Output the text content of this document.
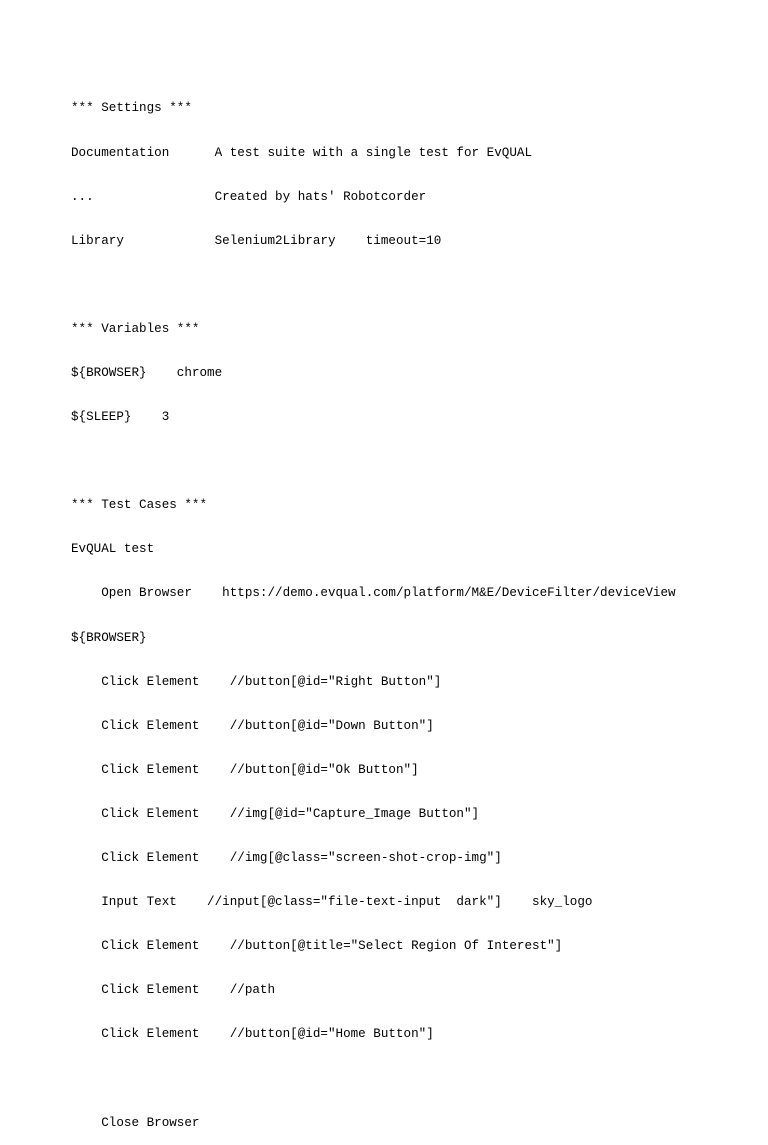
*** Settings ***

Documentation      A test suite with a single test for EvQUAL

...                Created by hats' Robotcorder

Library            Selenium2Library    timeout=10

*** Variables ***

${BROWSER}    chrome

${SLEEP}    3

*** Test Cases ***

EvQUAL test

Open Browser    https://demo.evqual.com/platform/M&E/DeviceFilter/deviceView

${BROWSER}

Click Element    //button[@id="Right Button"]

Click Element    //button[@id="Down Button"]

Click Element    //button[@id="Ok Button"]

Click Element    //img[@id="Capture_Image Button"]

Click Element    //img[@class="screen-shot-crop-img"]

Input Text    //input[@class="file-text-input  dark"]    sky_logo

Click Element    //button[@title="Select Region Of Interest"]

Click Element    //path

Click Element    //button[@id="Home Button"]

Close Browser
